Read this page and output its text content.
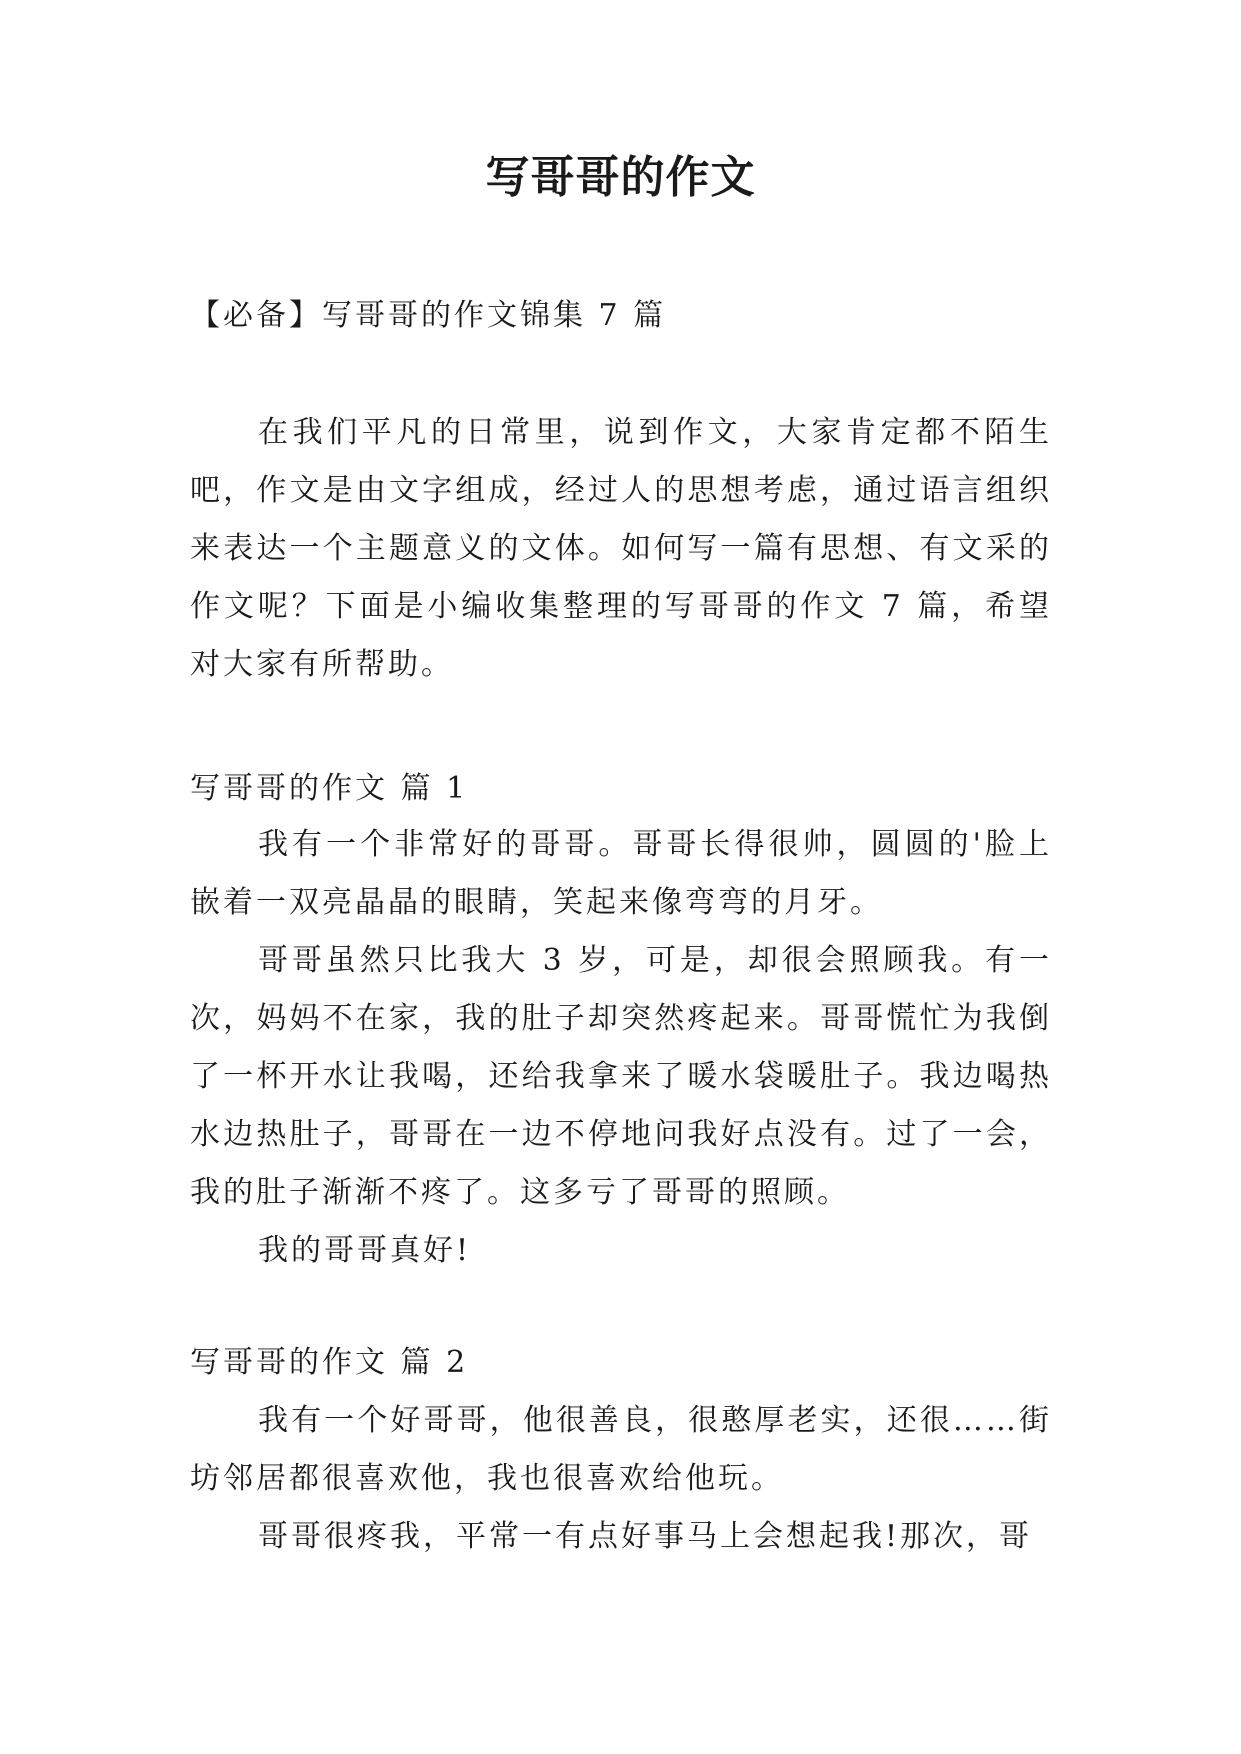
写哥哥的作文

【必备】写哥哥的作文锦集 7 篇

在我们平凡的日常里，说到作文，大家肯定都不陌生吧，作文是由文字组成，经过人的思想考虑，通过语言组织来表达一个主题意义的文体。如何写一篇有思想、有文采的作文呢？下面是小编收集整理的写哥哥的作文 7 篇，希望对大家有所帮助。

写哥哥的作文 篇 1

我有一个非常好的哥哥。哥哥长得很帅，圆圆的'脸上嵌着一双亮晶晶的眼睛，笑起来像弯弯的月牙。

哥哥虽然只比我大 3 岁，可是，却很会照顾我。有一次，妈妈不在家，我的肚子却突然疼起来。哥哥慌忙为我倒了一杯开水让我喝，还给我拿来了暖水袋暖肚子。我边喝热水边热肚子，哥哥在一边不停地问我好点没有。过了一会，我的肚子渐渐不疼了。这多亏了哥哥的照顾。

我的哥哥真好!

写哥哥的作文 篇 2

我有一个好哥哥，他很善良，很憨厚老实，还很……街坊邻居都很喜欢他，我也很喜欢给他玩。

哥哥很疼我，平常一有点好事马上会想起我!那次，哥
